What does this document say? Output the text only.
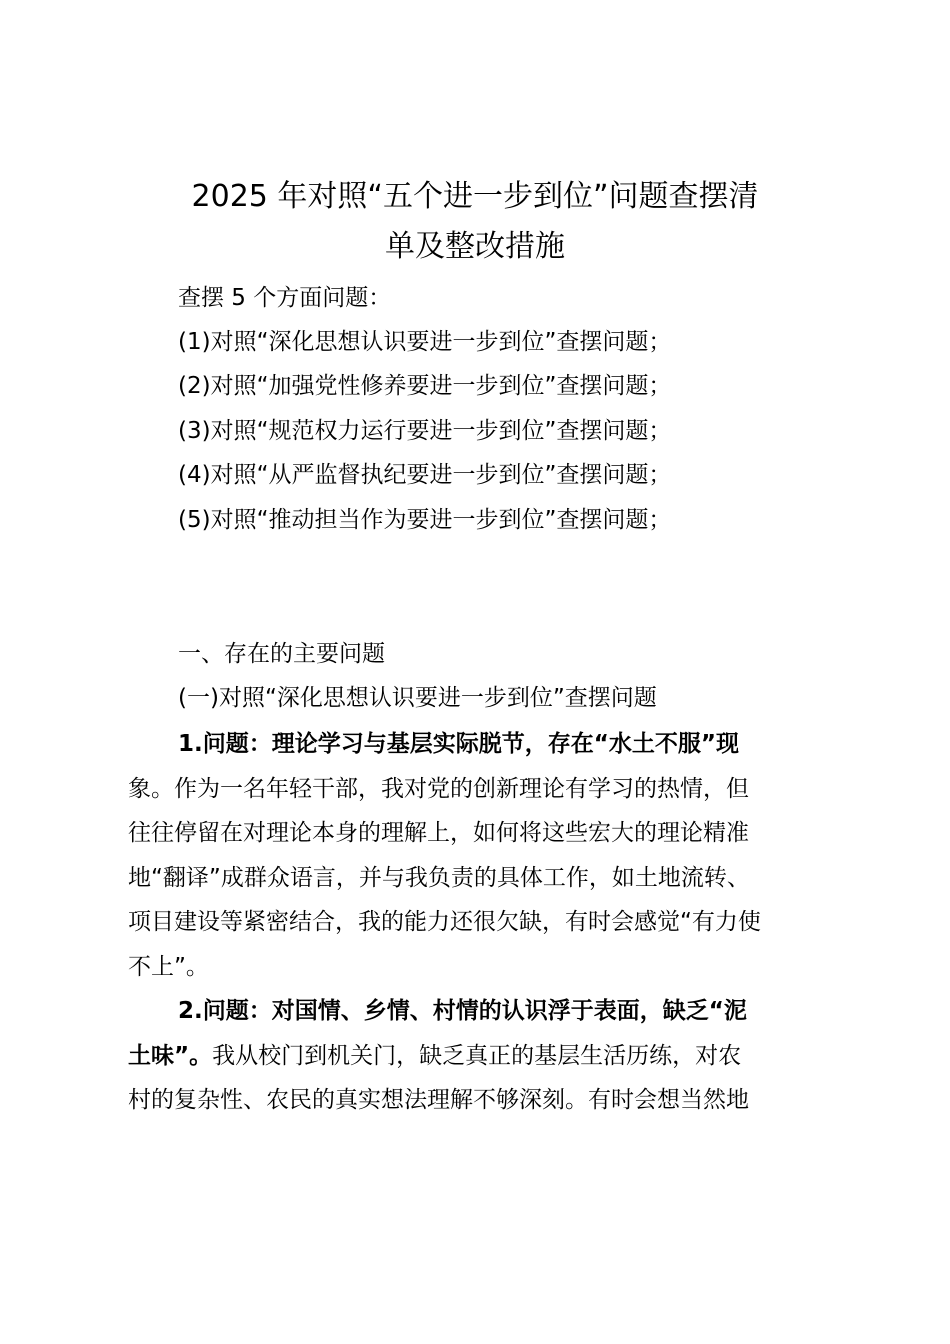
2025 年对照“五个进一步到位”问题查摆清
单及整改措施
查摆 5 个方面问题：
(1)对照“深化思想认识要进一步到位”查摆问题；
(2)对照“加强党性修养要进一步到位”查摆问题；
(3)对照“规范权力运行要进一步到位”查摆问题；
(4)对照“从严监督执纪要进一步到位”查摆问题；
(5)对照“推动担当作为要进一步到位”查摆问题；
一、存在的主要问题
(一)对照“深化思想认识要进一步到位”查摆问题
1.问题：理论学习与基层实际脱节，存在“水土不服”现
象。作为一名年轻干部，我对党的创新理论有学习的热情，但
往往停留在对理论本身的理解上，如何将这些宏大的理论精准
地“翻译”成群众语言，并与我负责的具体工作，如土地流转、
项目建设等紧密结合，我的能力还很欠缺，有时会感觉“有力使
不上”。
2.问题：对国情、乡情、村情的认识浮于表面，缺乏“泥
土味”。我从校门到机关门，缺乏真正的基层生活历练，对农
村的复杂性、农民的真实想法理解不够深刻。有时会想当然地
